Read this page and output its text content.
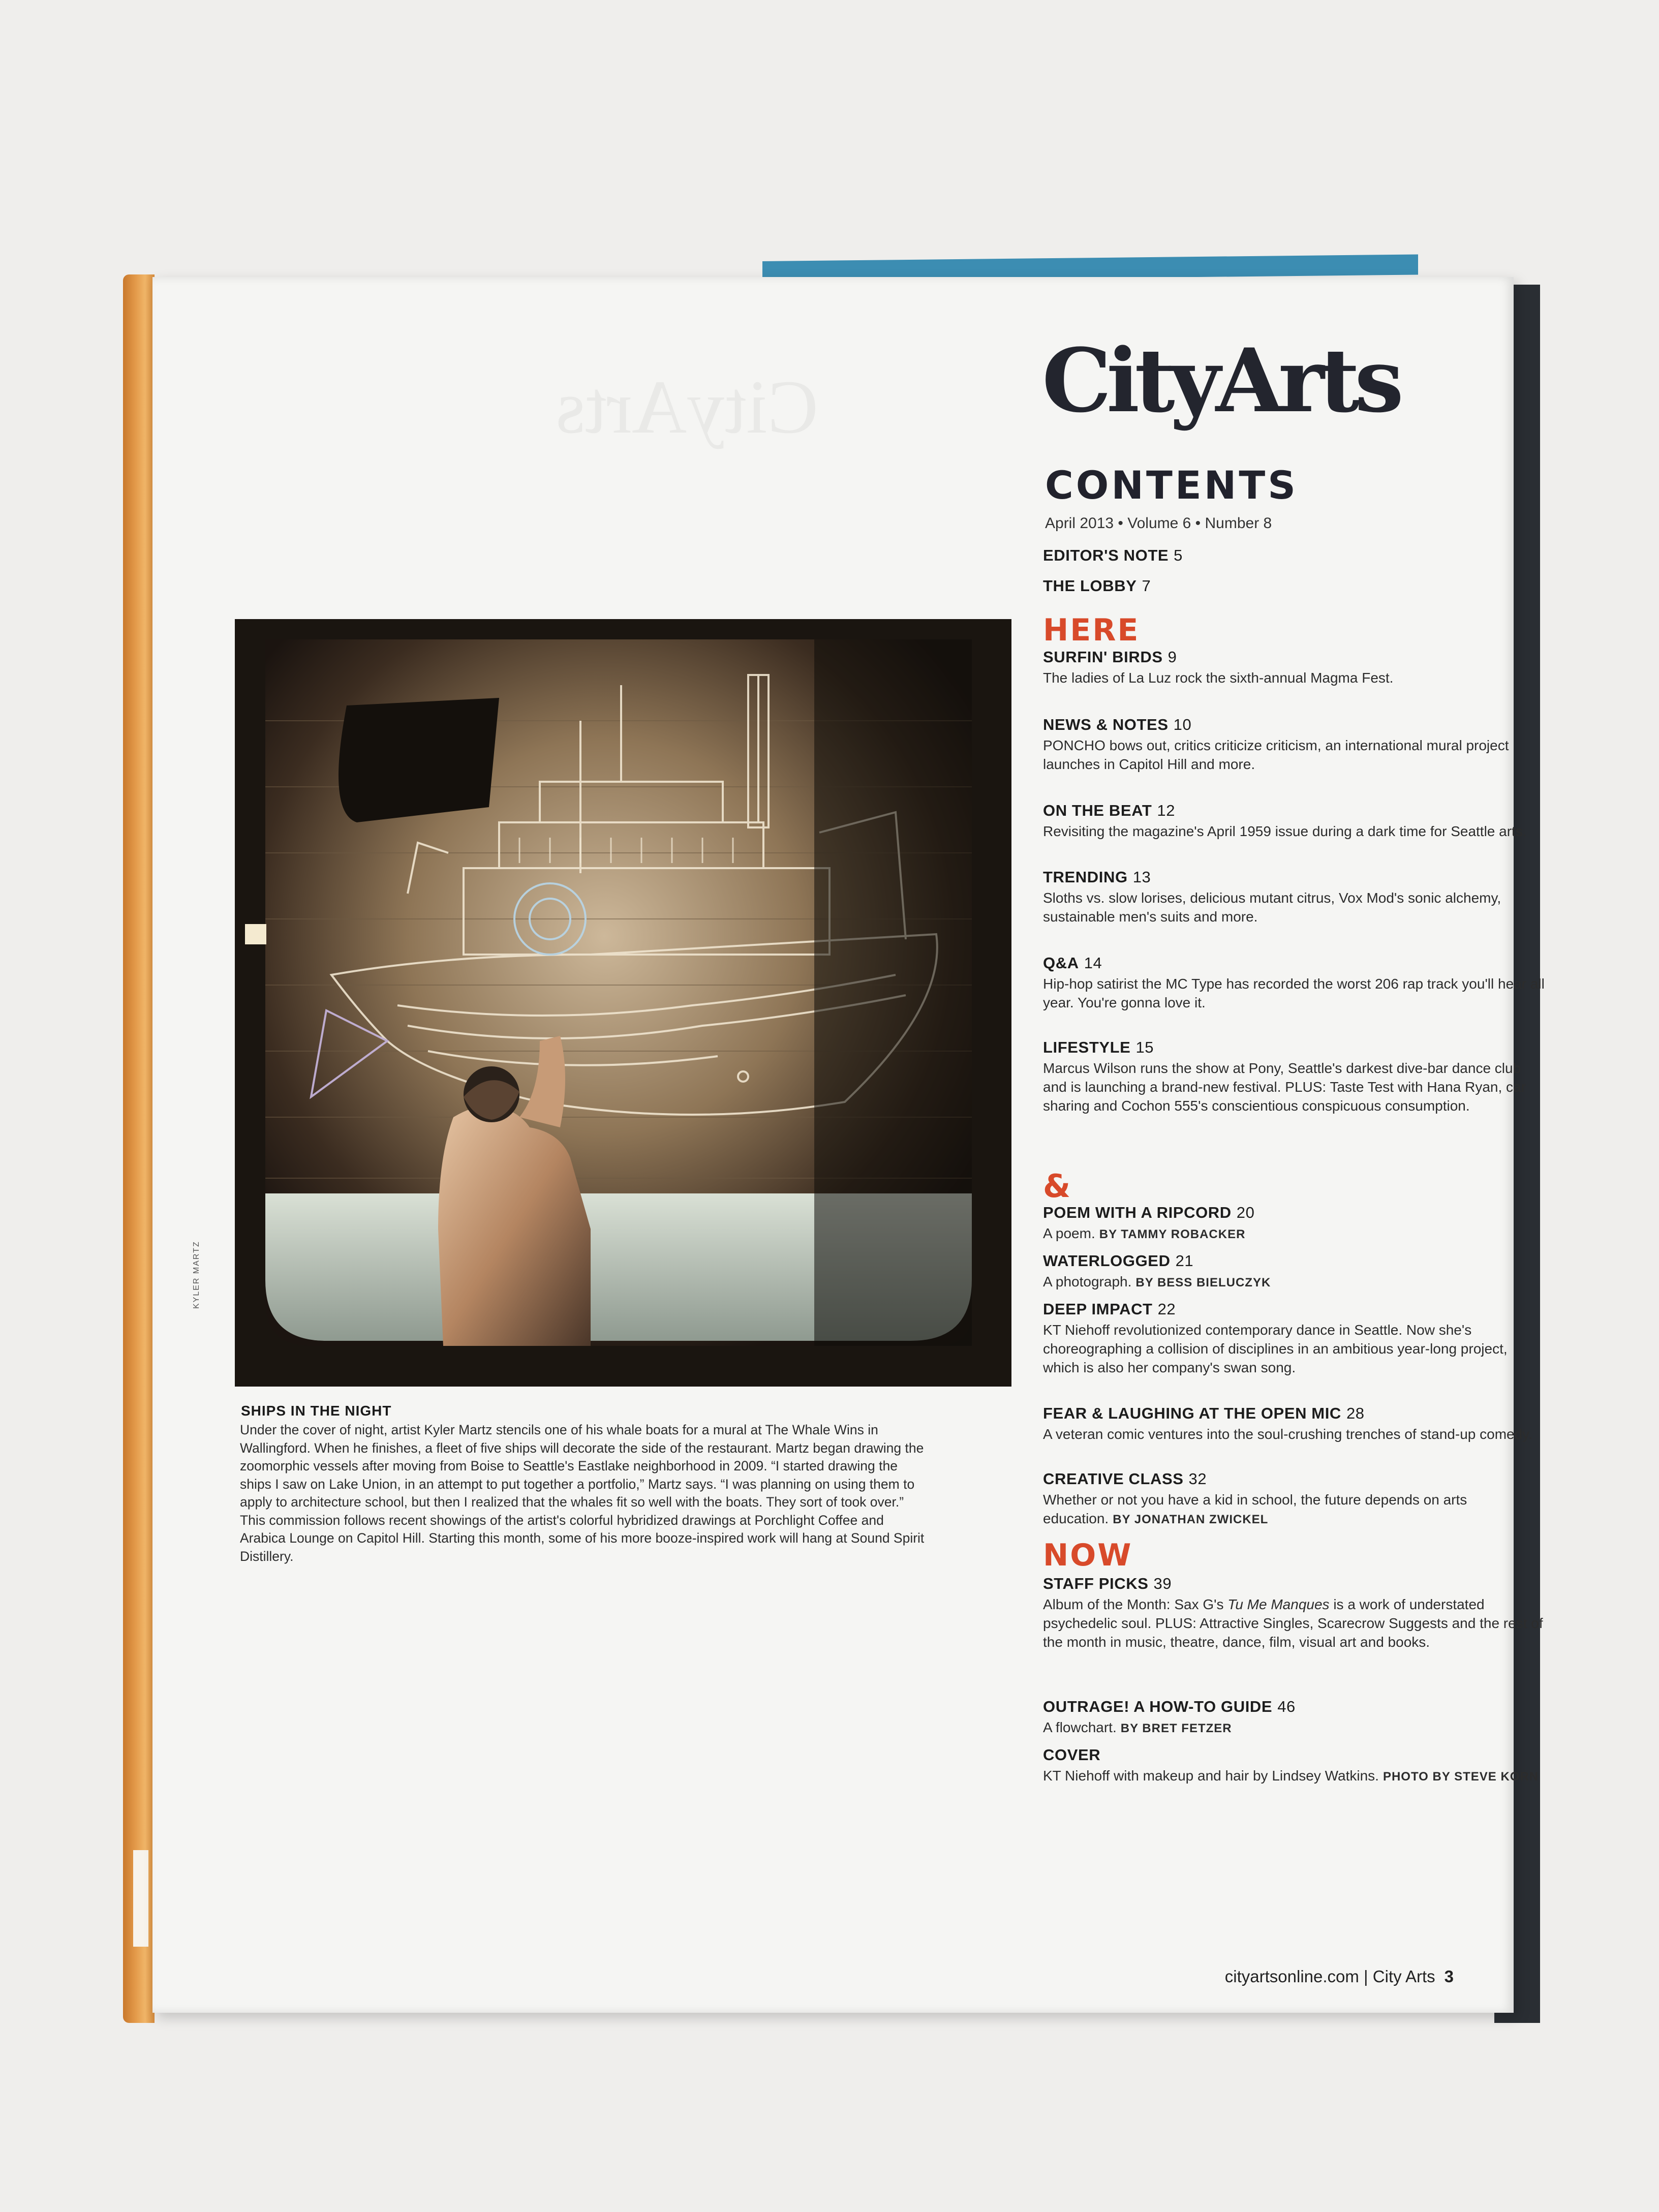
CityArts
CONTENTS
April 2013 • Volume 6 • Number 8
EDITOR'S NOTE 5
THE LOBBY 7
HERE
SURFIN' BIRDS 9
The ladies of La Luz rock the sixth-annual Magma Fest.
NEWS & NOTES 10
PONCHO bows out, critics criticize criticism, an international mural project launches in Capitol Hill and more.
ON THE BEAT 12
Revisiting the magazine's April 1959 issue during a dark time for Seattle arts.
TRENDING 13
Sloths vs. slow lorises, delicious mutant citrus, Vox Mod's sonic alchemy, sustainable men's suits and more.
Q&A 14
Hip-hop satirist the MC Type has recorded the worst 206 rap track you'll hear all year. You're gonna love it.
LIFESTYLE 15
Marcus Wilson runs the show at Pony, Seattle's darkest dive-bar dance club and is launching a brand-new festival. PLUS: Taste Test with Hana Ryan, car sharing and Cochon 555's conscientious conspicuous consumption.
&
POEM WITH A RIPCORD 20
A poem. BY TAMMY ROBACKER
WATERLOGGED 21
A photograph. BY BESS BIELUCZYK
DEEP IMPACT 22
KT Niehoff revolutionized contemporary dance in Seattle. Now she's choreographing a collision of disciplines in an ambitious year-long project, which is also her company's swan song.
FEAR & LAUGHING AT THE OPEN MIC 28
A veteran comic ventures into the soul-crushing trenches of stand-up comedy.
CREATIVE CLASS 32
Whether or not you have a kid in school, the future depends on arts education. BY JONATHAN ZWICKEL
NOW
STAFF PICKS 39
Album of the Month: Sax G's Tu Me Manques is a work of understated psychedelic soul. PLUS: Attractive Singles, Scarecrow Suggests and the rest of the month in music, theatre, dance, film, visual art and books.
OUTRAGE! A HOW-TO GUIDE 46
A flowchart. BY BRET FETZER
COVER
KT Niehoff with makeup and hair by Lindsey Watkins. PHOTO BY STEVE KORN
KYLER MARTZ
SHIPS IN THE NIGHT
Under the cover of night, artist Kyler Martz stencils one of his whale boats for a mural at The Whale Wins in Wallingford. When he finishes, a fleet of five ships will decorate the side of the restaurant. Martz began drawing the zoomorphic vessels after moving from Boise to Seattle's Eastlake neighborhood in 2009. “I started drawing the ships I saw on Lake Union, in an attempt to put together a portfolio,” Martz says. “I was planning on using them to apply to architecture school, but then I realized that the whales fit so well with the boats. They sort of took over.” This commission follows recent showings of the artist's colorful hybridized drawings at Porchlight Coffee and Arabica Lounge on Capitol Hill. Starting this month, some of his more booze-inspired work will hang at Sound Spirit Distillery.
cityartsonline.com | City Arts 3
